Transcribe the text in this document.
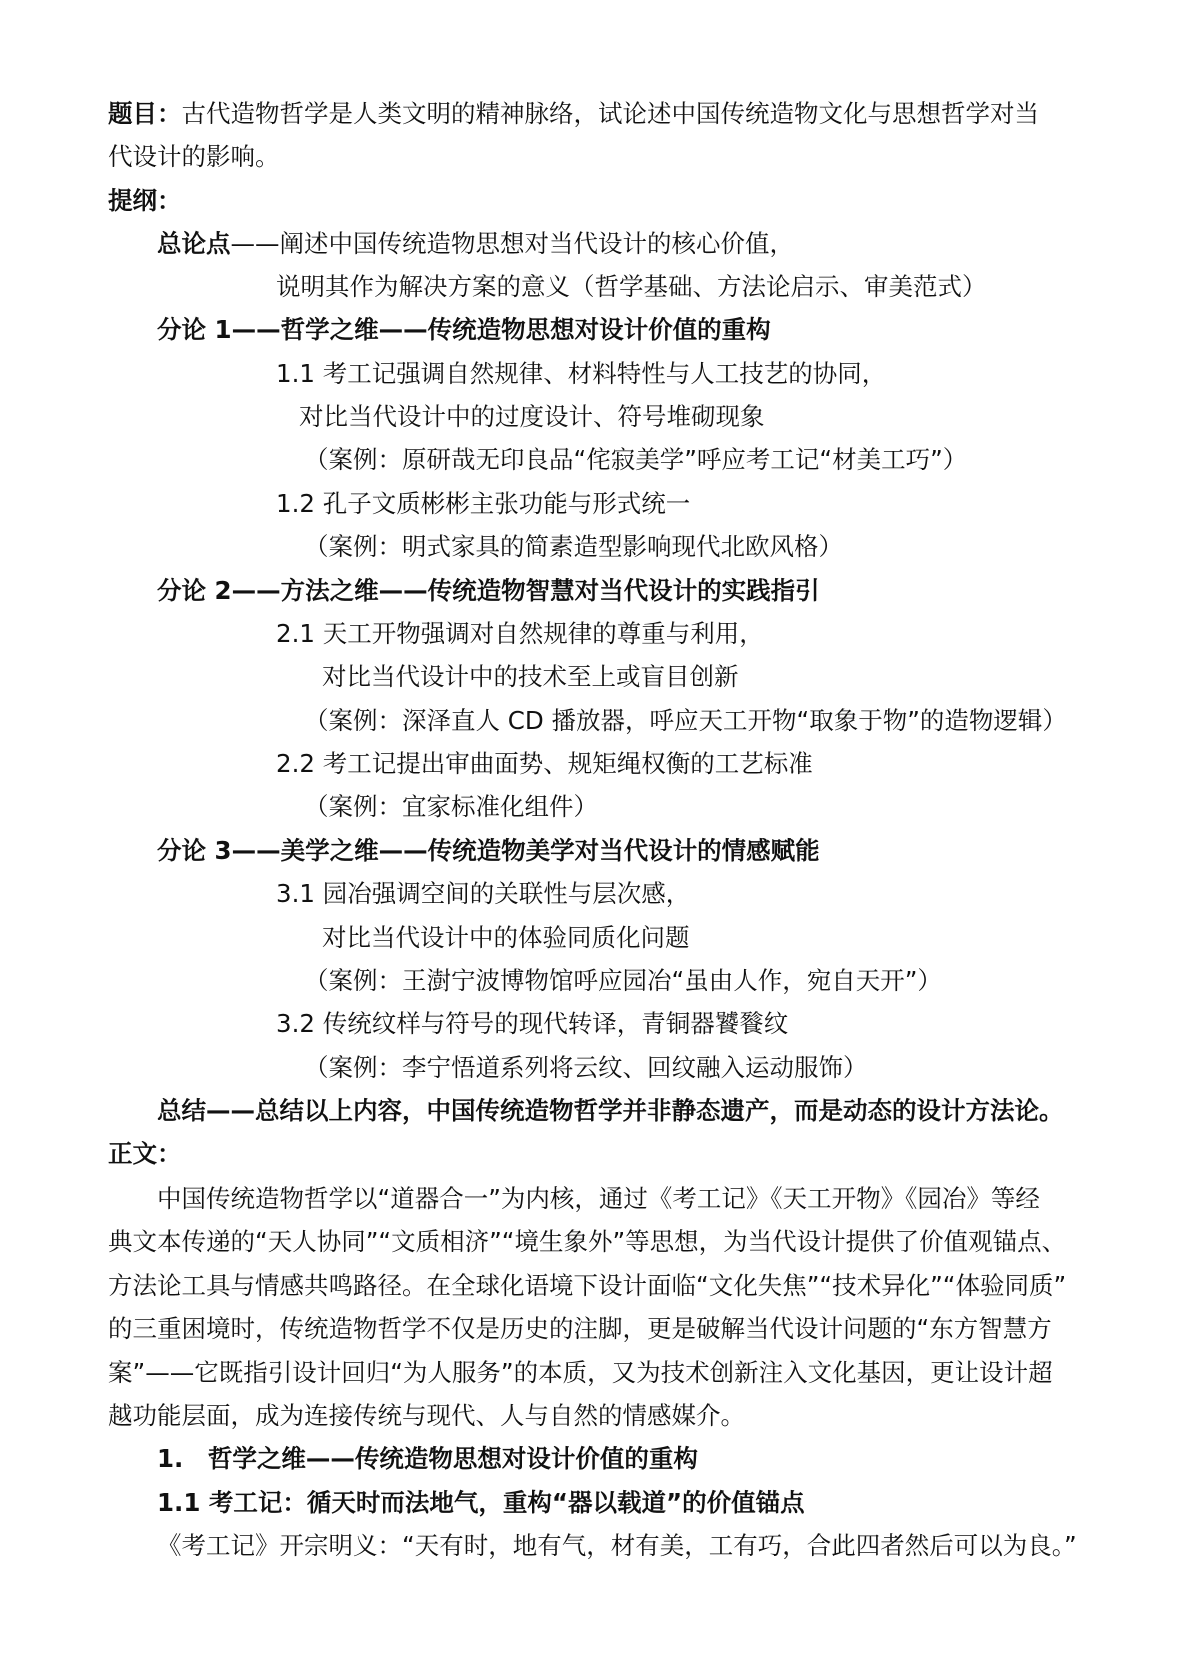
题目：古代造物哲学是人类文明的精神脉络，试论述中国传统造物文化与思想哲学对当
代设计的影响。
提纲：
总论点——阐述中国传统造物思想对当代设计的核心价值，
说明其作为解决方案的意义（哲学基础、方法论启示、审美范式）
分论 1——哲学之维——传统造物思想对设计价值的重构
1.1 考工记强调自然规律、材料特性与人工技艺的协同，
对比当代设计中的过度设计、符号堆砌现象
（案例：原研哉无印良品“侘寂美学”呼应考工记“材美工巧”）
1.2 孔子文质彬彬主张功能与形式统一
（案例：明式家具的简素造型影响现代北欧风格）
分论 2——方法之维——传统造物智慧对当代设计的实践指引
2.1 天工开物强调对自然规律的尊重与利用，
对比当代设计中的技术至上或盲目创新
（案例：深泽直人 CD 播放器，呼应天工开物“取象于物”的造物逻辑）
2.2 考工记提出审曲面势、规矩绳权衡的工艺标准
（案例：宜家标准化组件）
分论 3——美学之维——传统造物美学对当代设计的情感赋能
3.1 园冶强调空间的关联性与层次感，
对比当代设计中的体验同质化问题
（案例：王澍宁波博物馆呼应园冶“虽由人作，宛自天开”）
3.2 传统纹样与符号的现代转译，青铜器饕餮纹
（案例：李宁悟道系列将云纹、回纹融入运动服饰）
总结——总结以上内容，中国传统造物哲学并非静态遗产，而是动态的设计方法论。
正文：
中国传统造物哲学以“道器合一”为内核，通过《考工记》《天工开物》《园冶》等经
典文本传递的“天人协同”“文质相济”“境生象外”等思想，为当代设计提供了价值观锚点、
方法论工具与情感共鸣路径。在全球化语境下设计面临“文化失焦”“技术异化”“体验同质”
的三重困境时，传统造物哲学不仅是历史的注脚，更是破解当代设计问题的“东方智慧方
案”——它既指引设计回归“为人服务”的本质，又为技术创新注入文化基因，更让设计超
越功能层面，成为连接传统与现代、人与自然的情感媒介。
1.　哲学之维——传统造物思想对设计价值的重构
1.1 考工记：循天时而法地气，重构“器以载道”的价值锚点
《考工记》开宗明义：“天有时，地有气，材有美，工有巧，合此四者然后可以为良。”
